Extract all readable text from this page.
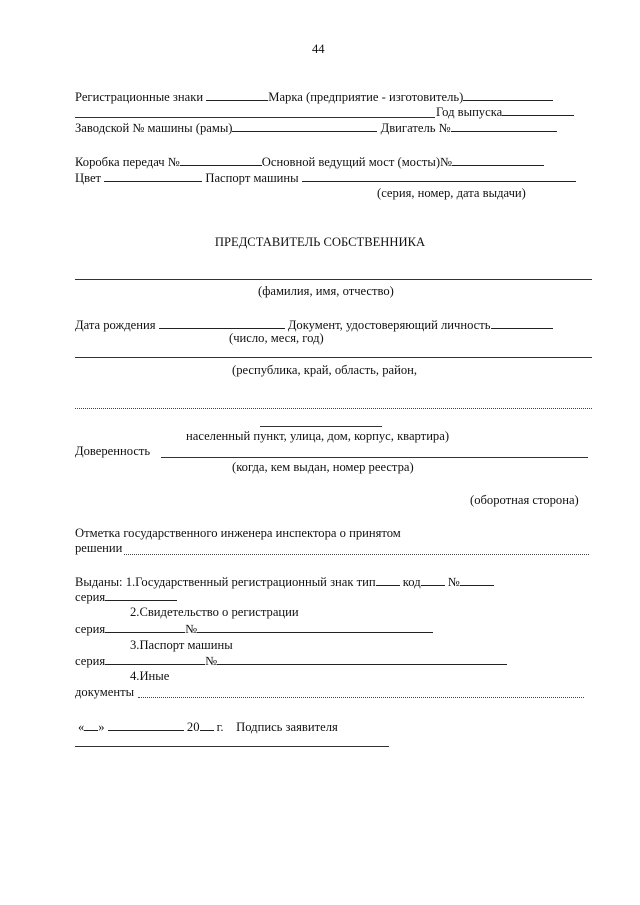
44
Регистрационные знаки	Марка (предприятие - изготовитель)
Год выпуска
Заводской № машины (рамы)	Двигатель №
Коробка передач №	Основной ведущий мост (мосты)№
Цвет	Паспорт машины
(серия, номер, дата выдачи)
ПРЕДСТАВИТЕЛЬ СОБСТВЕННИКА
(фамилия, имя, отчество)
Дата рождения	Документ, удостоверяющий личность
(число, меся, год)
(республика, край, область, район,
населенный пункт, улица, дом, корпус, квартира)
Доверенность
(когда, кем выдан, номер реестра)
(оборотная сторона)
Отметка государственного инженера инспектора о принятом
решении
Выданы: 1.Государственный регистрационный знак тип код №
серия
2.Свидетельство о регистрации
серия	№
3.Паспорт машины
серия	№
4.Иные
документы
« »	20 г. Подпись заявителя
